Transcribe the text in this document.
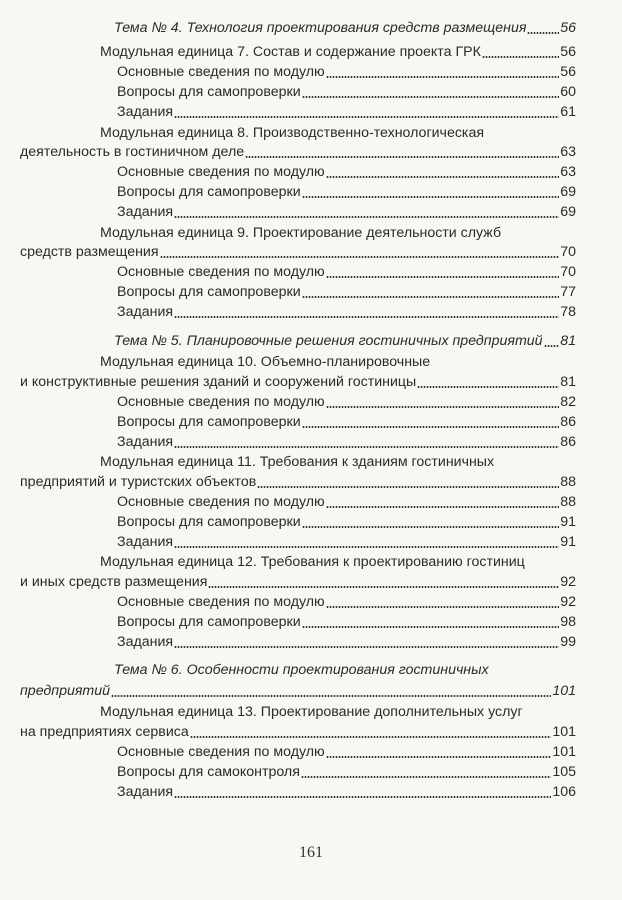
Тема № 4. Технология проектирования средств размещения 56
Модульная единица 7. Состав и содержание проекта ГРК	56
Основные сведения по модулю	56
Вопросы для самопроверки	60
Задания	61
Модульная единица 8. Производственно-технологическая
деятельность в гостиничном деле	63
Основные сведения по модулю	63
Вопросы для самопроверки	69
Задания	69
Модульная единица 9. Проектирование деятельности служб
средств размещения	70
Основные сведения по модулю	70
Вопросы для самопроверки	77
Задания	78
Тема № 5. Планировочные решения гостиничных предприятий 81
Модульная единица 10. Объемно-планировочные
и конструктивные решения зданий и сооружений гостиницы	81
Основные сведения по модулю	82
Вопросы для самопроверки	86
Задания	86
Модульная единица 11. Требования к зданиям гостиничных
предприятий и туристских объектов	88
Основные сведения по модулю	88
Вопросы для самопроверки	91
Задания	91
Модульная единица 12. Требования к проектированию гостиниц
и иных средств размещения	92
Основные сведения по модулю	92
Вопросы для самопроверки	98
Задания	99
Тема № 6. Особенности проектирования гостиничных
предприятий	101
Модульная единица 13. Проектирование дополнительных услуг
на предприятиях сервиса	101
Основные сведения по модулю	101
Вопросы для самоконтроля	105
Задания	106
161
